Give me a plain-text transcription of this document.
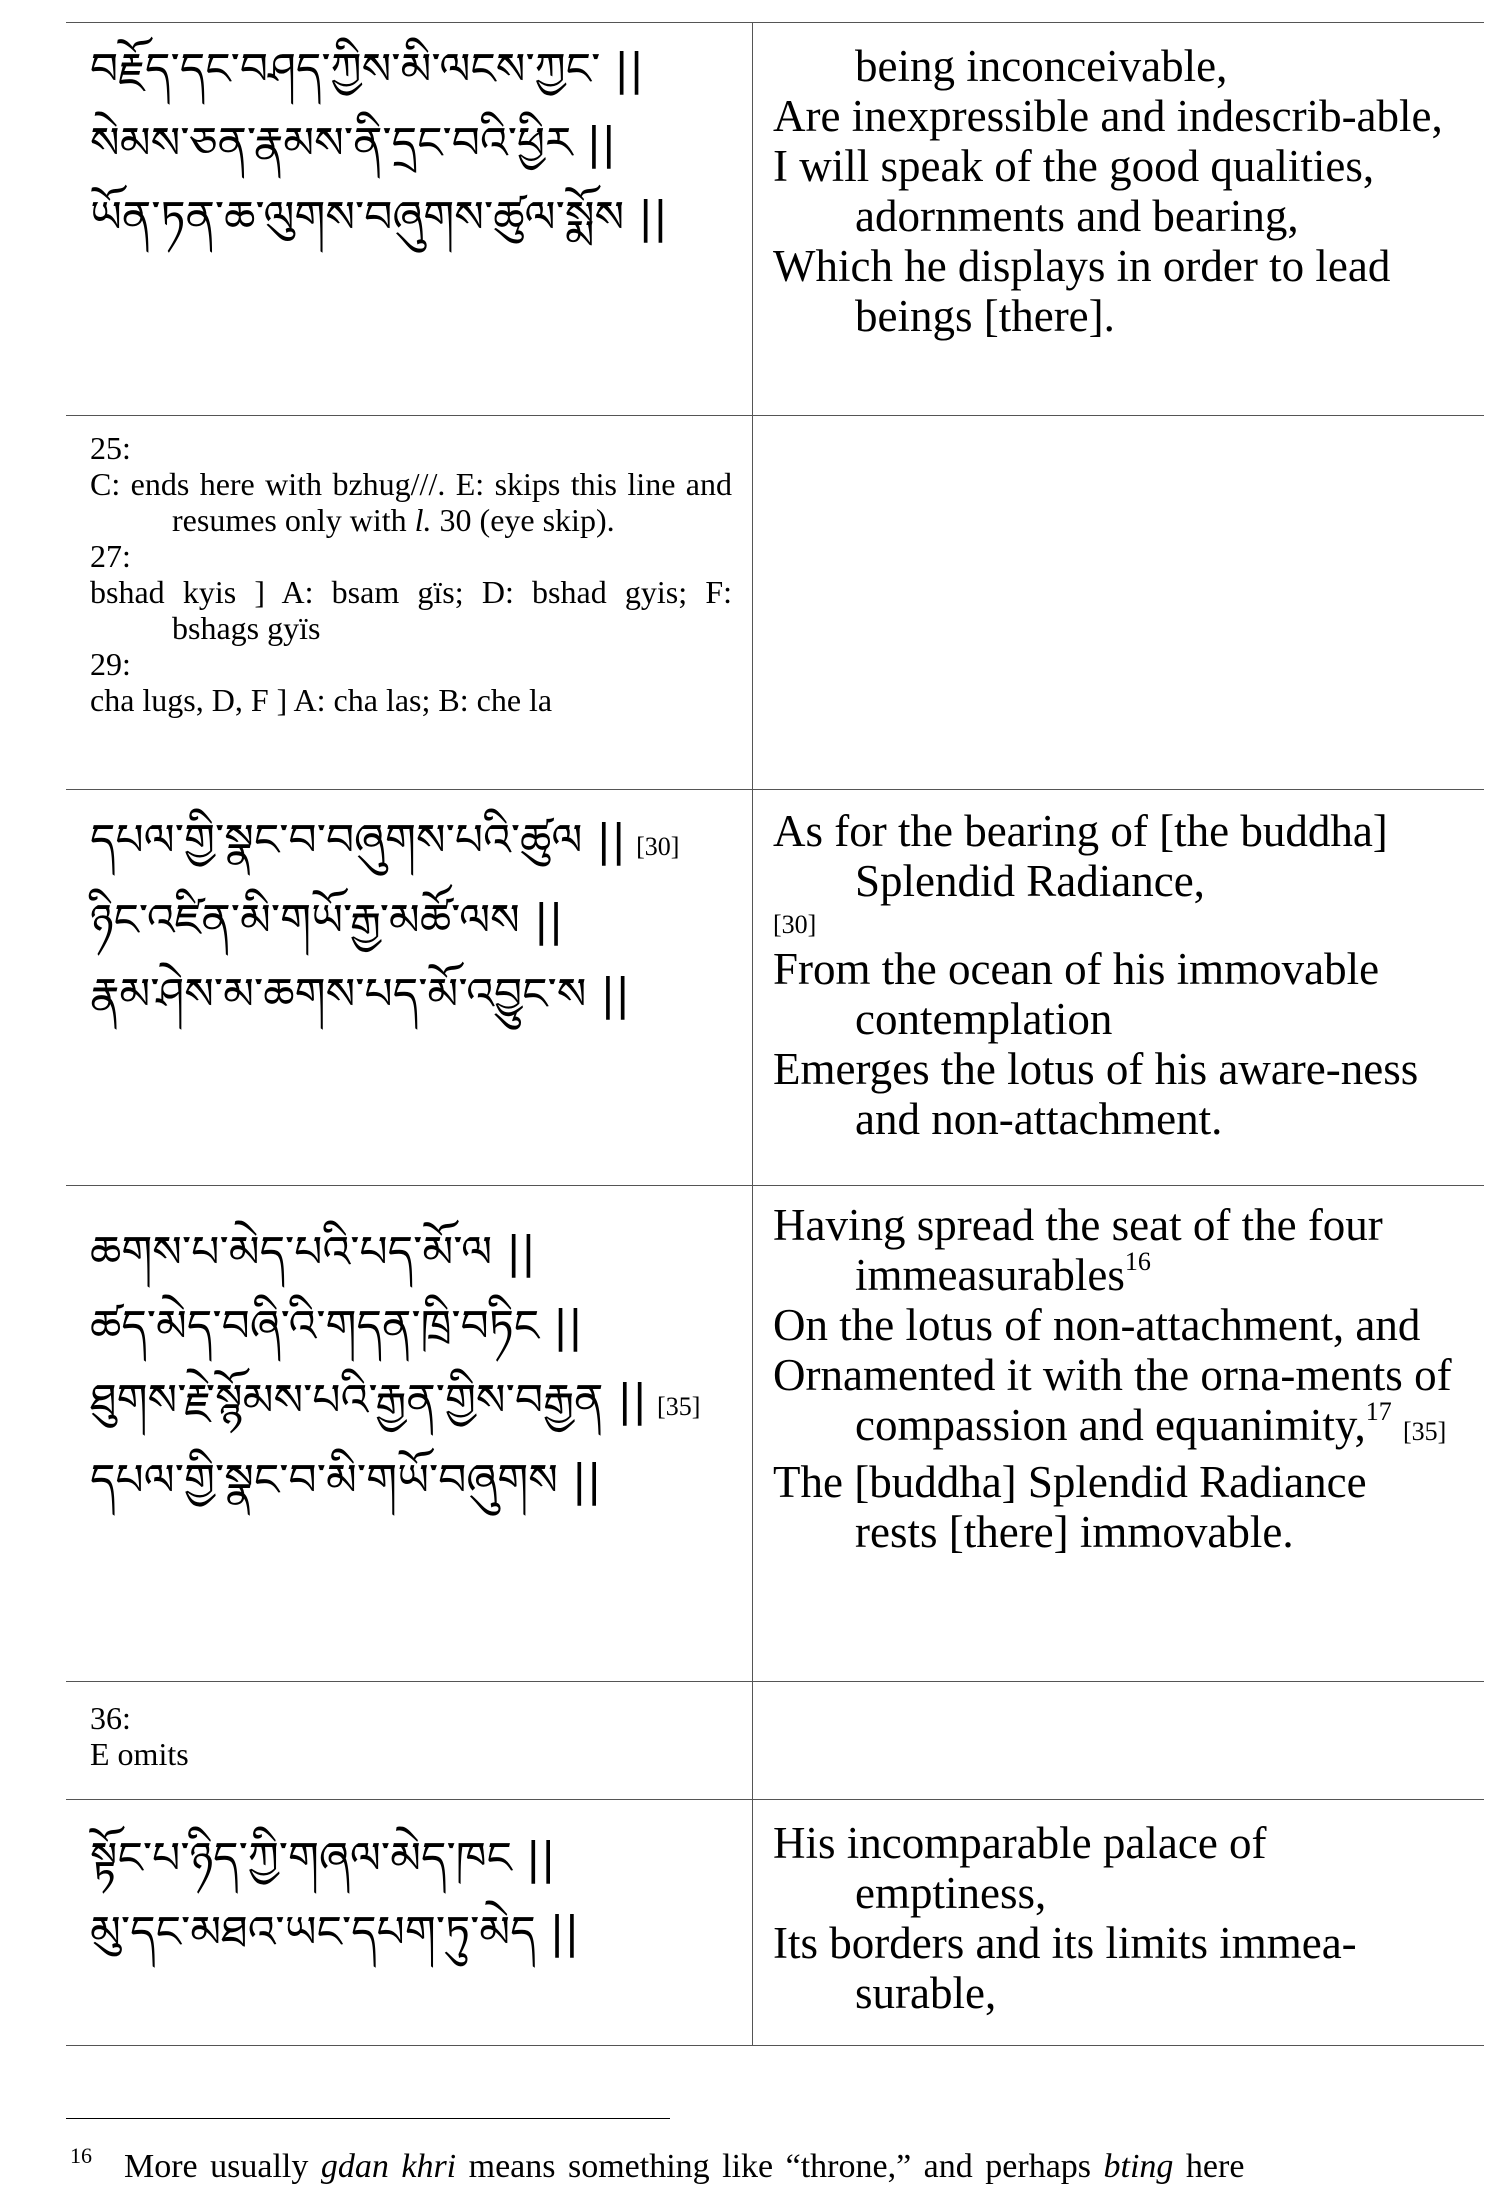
བརྗོད་དང་བཤད་ཀྱིས་མི་ལངས་ཀྱང་ ||

སེམས་ཅན་རྣམས་ནི་དྲང་བའི་ཕྱིར ||

ཡོན་ཏན་ཆ་ལུགས་བཞུགས་ཚུལ་སྨོས ||

being inconceivable,

Are inexpressible and indescrib-able,

I will speak of the good qualities, adornments and bearing,

Which he displays in order to lead beings [there].

25:

C: ends here with bzhug///. E: skips this line and resumes only with l. 30 (eye skip).

27:

bshad kyis ] A: bsam gïs; D: bshad gyis; F: bshags gyïs

29:

cha lugs, D, F ] A: cha las; B: che la

དཔལ་གྱི་སྣང་བ་བཞུགས་པའི་ཚུལ || [30]

ཉིང་འཛིན་མི་གཡོ་རྒྱ་མཚོ་ལས ||

རྣམ་ཤེས་མ་ཆགས་པད་མོ་འབྱུང་ས ||

As for the bearing of [the buddha] Splendid Radiance,

[30]

From the ocean of his immovable contemplation

Emerges the lotus of his aware-ness and non-attachment.

ཆགས་པ་མེད་པའི་པད་མོ་ལ ||

ཚད་མེད་བཞི་འི་གདན་ཁྲི་བཏིང ||

ཐུགས་རྗེ་སྙོམས་པའི་རྒྱན་གྱིས་བརྒྱན || [35]

དཔལ་གྱི་སྣང་བ་མི་གཡོ་བཞུགས ||

Having spread the seat of the four immeasurables$^{16}$

On the lotus of non-attachment, and

Ornamented it with the orna-ments of compassion and equanimity,$^{17}$ [35]

The [buddha] Splendid Radiance rests [there] immovable.

36:

E omits

སྟོང་པ་ཉིད་ཀྱི་གཞལ་མེད་ཁང ||

མུ་དང་མཐའ་ཡང་དཔག་ཏུ་མེད ||

His incomparable palace of emptiness,

Its borders and its limits immea-surable,

$^{16}$ More usually gdan khri means something like “throne,” and perhaps bting here
